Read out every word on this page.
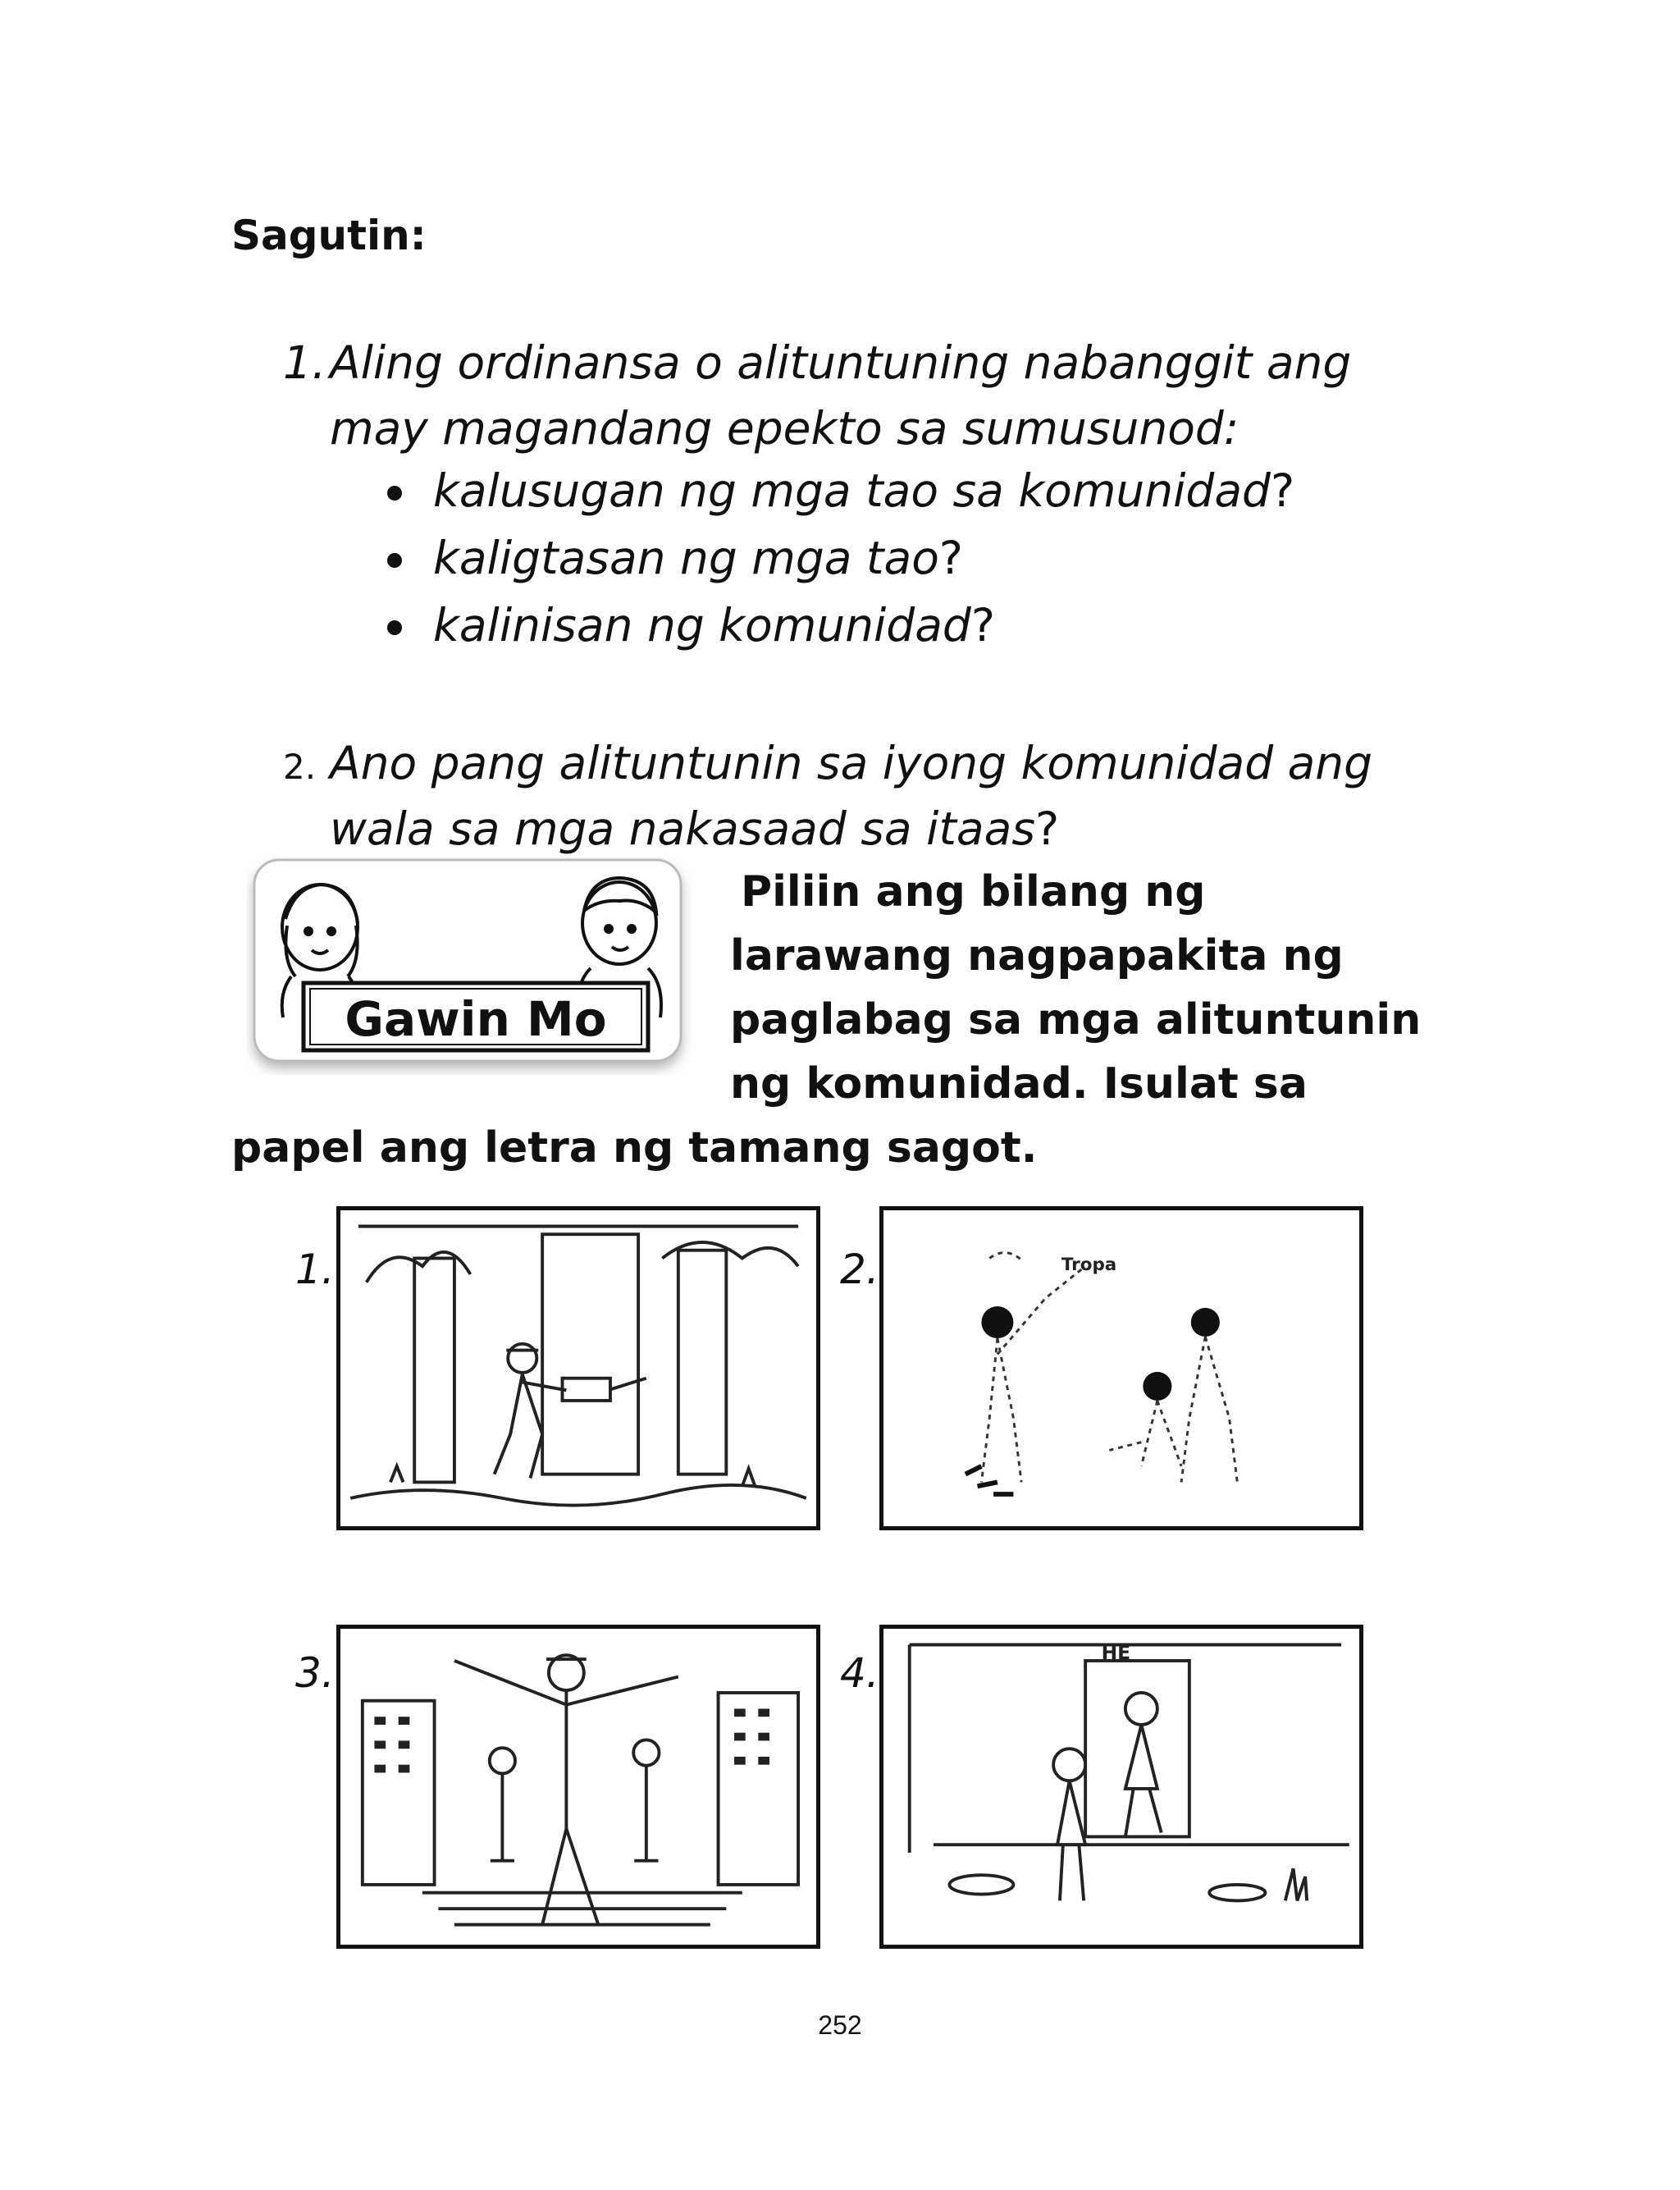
Sagutin:
1. Aling ordinansa o alituntuning nabanggit ang
may magandang epekto sa sumusunod:
kalusugan ng mga tao sa komunidad?
kaligtasan ng mga tao?
kalinisan ng komunidad?
2. Ano pang alituntunin sa iyong komunidad ang
wala sa mga nakasaad sa itaas?
Gawin Mo
Piliin ang bilang ng
larawang nagpapakita ng
paglabag sa mga alituntunin
ng komunidad. Isulat sa
papel ang letra ng tamang sagot.
1.	2.	Tropa
3.	4.	HE
252
